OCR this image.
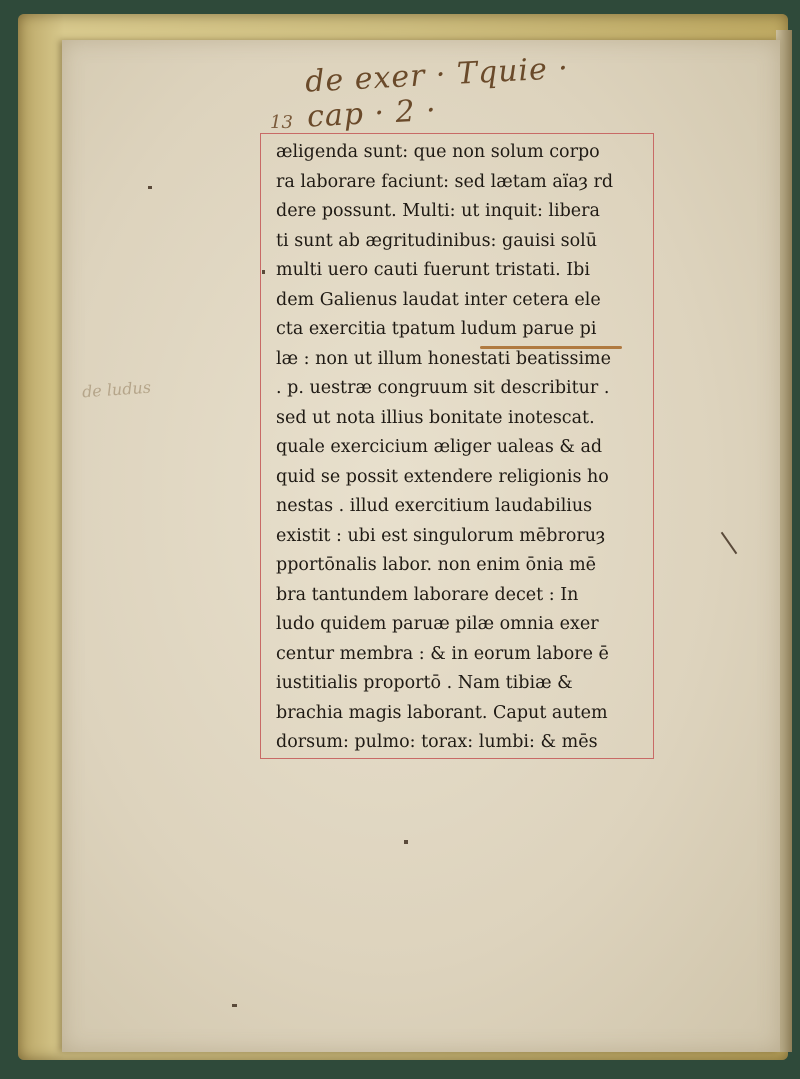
de exer · Tquie · cap · 2 ·
13
de ludus
æligenda sunt: que non solum corpo
ra laborare faciunt: sed lætam aïaȝ rd
dere possunt. Multi: ut inquit: libera
ti sunt ab ægritudinibus: gauisi solū
multi uero cauti fuerunt tristati. Ibi
dem Galienus laudat inter cetera ele
cta exercitia tpatum ludum parue pi
læ : non ut illum honestati beatissime
. p. uestræ congruum sit describitur .
sed ut nota illius bonitate inotescat.
quale exercicium æliger ualeas & ad
quid se possit extendere religionis ho
nestas . illud exercitium laudabilius
existit : ubi est singulorum mēbroruȝ
pportōnalis labor. non enim ōnia mē
bra tantundem laborare decet : In
ludo quidem paruæ pilæ omnia exer
centur membra : & in eorum labore ē
iustitialis proportō . Nam tibiæ &
brachia magis laborant. Caput autem
dorsum: pulmo: torax: lumbi: & mēs
